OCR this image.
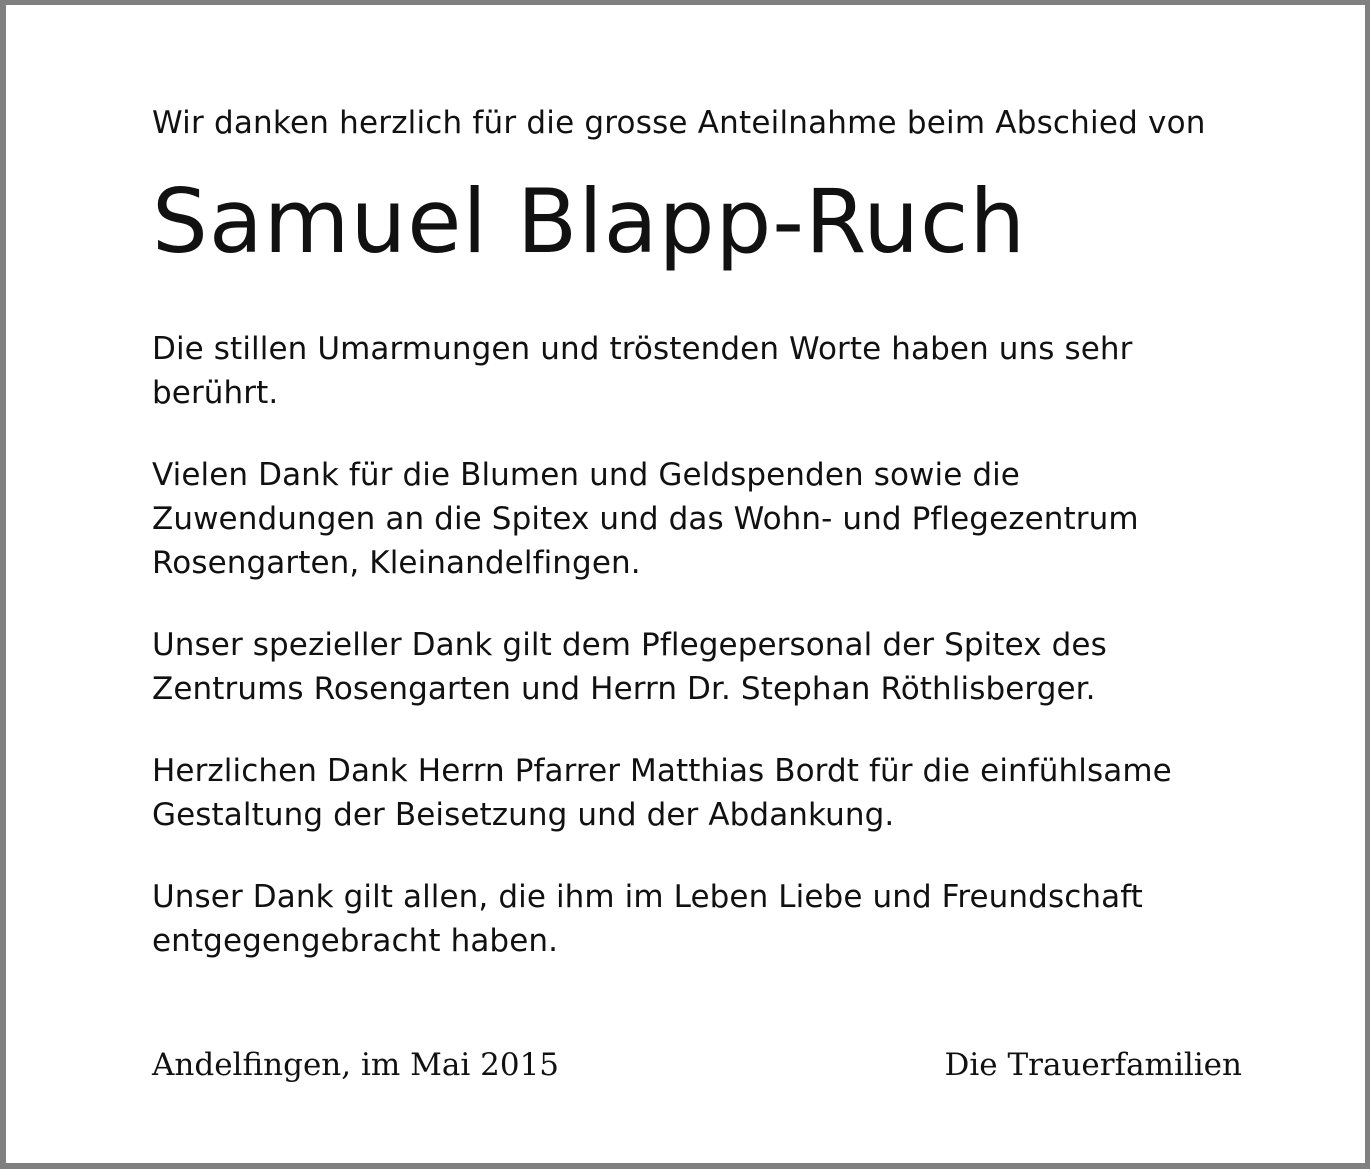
Wir danken herzlich für die grosse Anteilnahme beim Abschied von

Samuel Blapp-Ruch

Die stillen Umarmungen und tröstenden Worte haben uns sehr berührt.

Vielen Dank für die Blumen und Geldspenden sowie die Zuwendungen an die Spitex und das Wohn- und Pflegezentrum Rosengarten, Kleinandelfingen.

Unser spezieller Dank gilt dem Pflegepersonal der Spitex des Zentrums Rosengarten und Herrn Dr. Stephan Röthlisberger.

Herzlichen Dank Herrn Pfarrer Matthias Bordt für die einfühlsame Gestaltung der Beisetzung und der Abdankung.

Unser Dank gilt allen, die ihm im Leben Liebe und Freundschaft entgegengebracht haben.

Andelfingen, im Mai 2015	Die Trauerfamilien
